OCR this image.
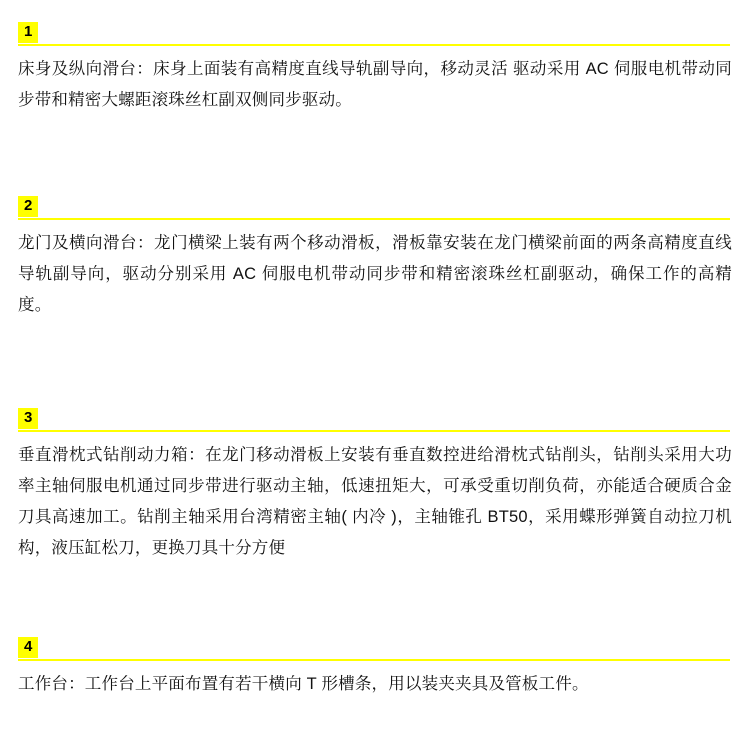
1

床身及纵向滑台：床身上面装有高精度直线导轨副导向，移动灵活 驱动采用 AC 伺服电机带动同步带和精密大螺距滚珠丝杠副双侧同步驱动。

2

龙门及横向滑台：龙门横梁上装有两个移动滑板，滑板靠安装在龙门横梁前面的两条高精度直线导轨副导向，驱动分别采用 AC 伺服电机带动同步带和精密滚珠丝杠副驱动，确保工作的高精度。

3

垂直滑枕式钻削动力箱：在龙门移动滑板上安装有垂直数控进给滑枕式钻削头，钻削头采用大功率主轴伺服电机通过同步带进行驱动主轴，低速扭矩大，可承受重切削负荷，亦能适合硬质合金刀具高速加工。钻削主轴采用台湾精密主轴( 内冷 )，主轴锥孔 BT50，采用蝶形弹簧自动拉刀机构，液压缸松刀，更换刀具十分方便

4

工作台：工作台上平面布置有若干横向 T 形槽条，用以装夹夹具及管板工件。
